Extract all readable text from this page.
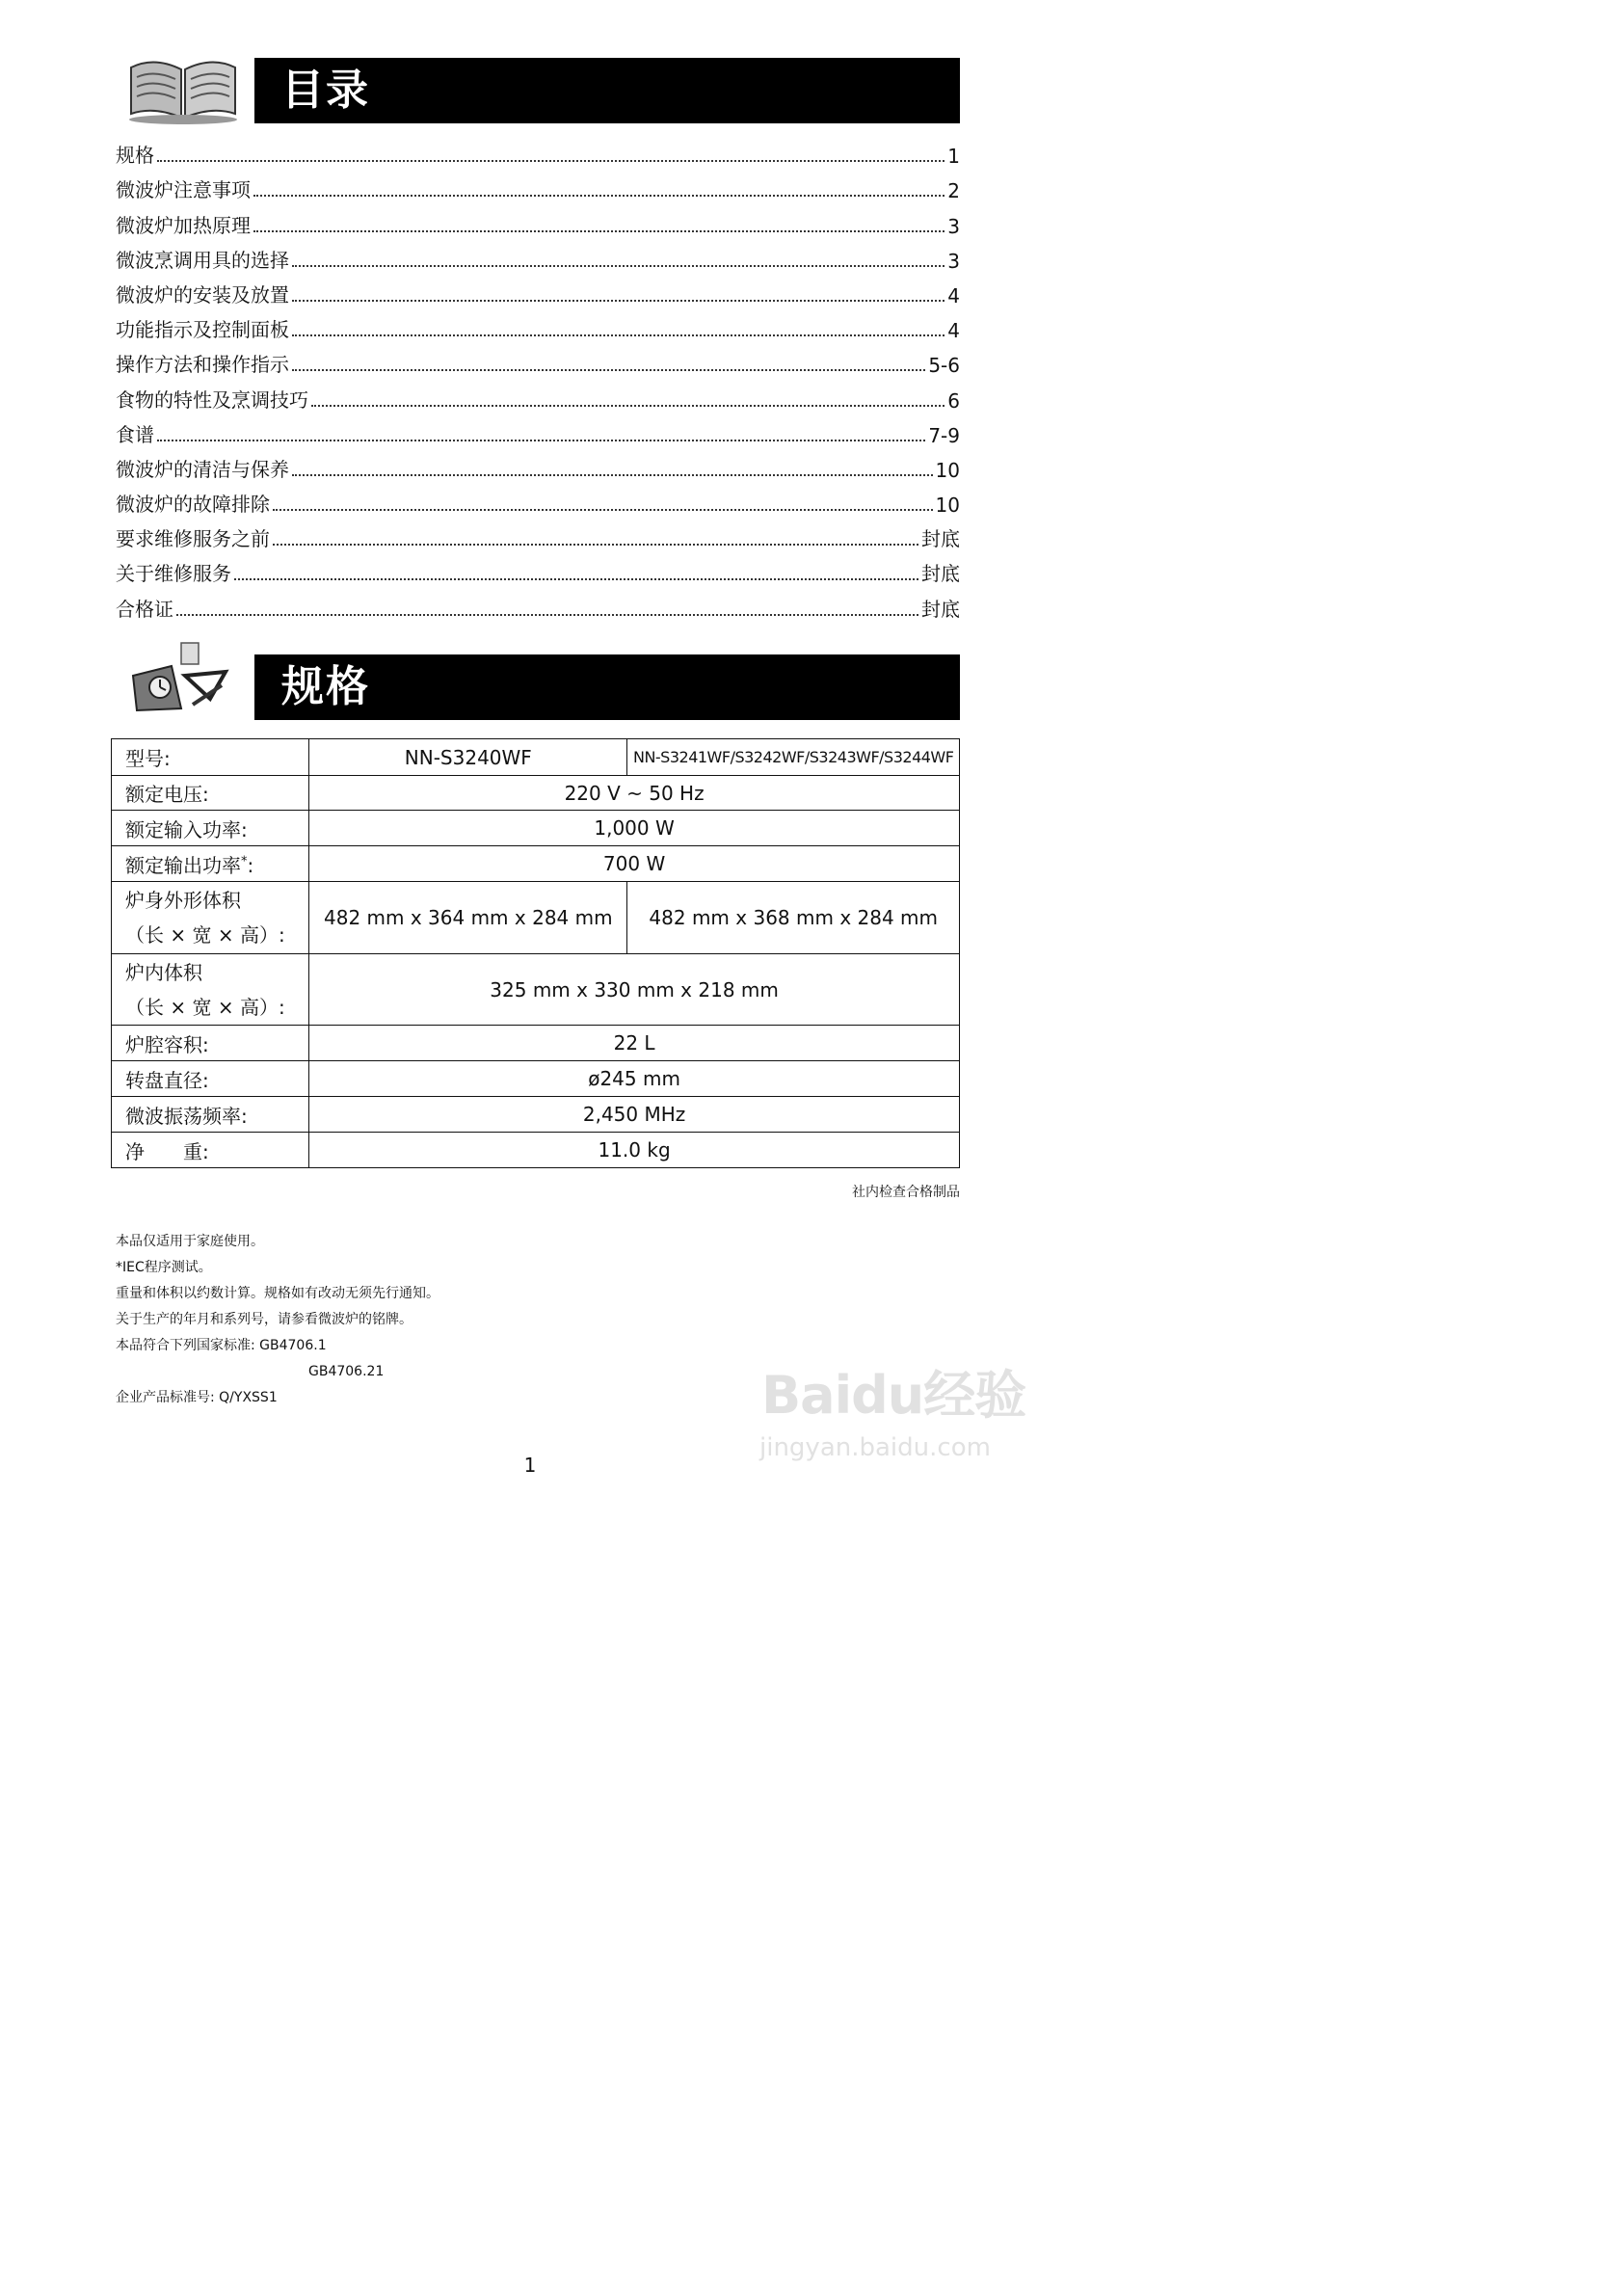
目录
规格	1
微波炉注意事项	2
微波炉加热原理	3
微波烹调用具的选择	3
微波炉的安装及放置	4
功能指示及控制面板	4
操作方法和操作指示	5-6
食物的特性及烹调技巧	6
食谱	7-9
微波炉的清洁与保养	10
微波炉的故障排除	10
要求维修服务之前	封底
关于维修服务	封底
合格证	封底
规格
型号:	NN-S3240WF	NN-S3241WF/S3242WF/S3243WF/S3244WF
额定电压:	220 V ~ 50 Hz	
额定输入功率:	1,000 W	
额定输出功率*:	700 W	

炉身外形体积
（长 × 宽 × 高）:	482 mm x 364 mm x 284 mm	482 mm x 368 mm x 284 mm

炉内体积
（长 × 宽 × 高）:	325 mm x 330 mm x 218 mm	
炉腔容积:	22 L	
转盘直径:	ø245 mm	
微波振荡频率:	2,450 MHz	
净　　重:	11.0 kg	
社内检查合格制品
本品仅适用于家庭使用。
*IEC程序测试。
重量和体积以约数计算。规格如有改动无须先行通知。
关于生产的年月和系列号，请参看微波炉的铭牌。
本品符合下列国家标准: GB4706.1
GB4706.21
企业产品标准号: Q/YXSS1
1
Baidu经验
jingyan.baidu.com
